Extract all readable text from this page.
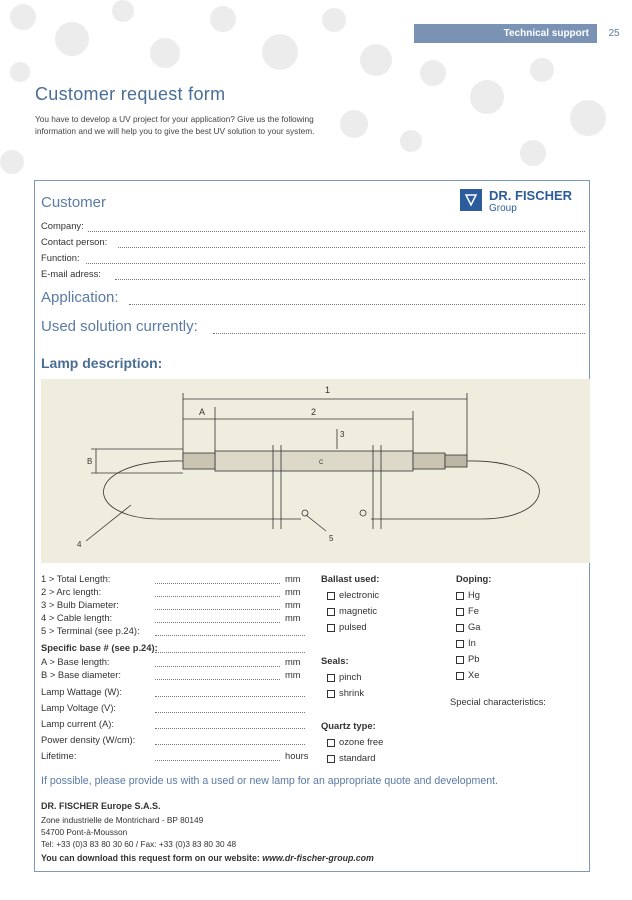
Technical support	25
Customer request form
You have to develop a UV project for your application? Give us the following information and we will help you to give the best UV solution to your system.
Customer	DR. FISCHER
Group
Company:
Contact person:
Function:
E-mail adress:
Application:
Used solution currently:
Lamp description:
1
A	2
3
B	C
4
5
1 > Total Length:	mm
2 > Arc length:	mm
3 > Bulb Diameter:	mm
4 > Cable length:	mm
5 > Terminal (see p.24):
Specific base # (see p.24):
A > Base length:	mm
B > Base diameter:	mm
Lamp Wattage (W):
Lamp Voltage (V):
Lamp current (A):
Power density (W/cm):
Lifetime:	hours
Ballast used:
electronic
magnetic
pulsed
Seals:
pinch
shrink
Quartz type:
ozone free
standard
Doping:
Hg
Fe
Ga
In
Pb
Xe
Special characteristics:
If possible, please provide us with a used or new lamp for an appropriate quote and development.
DR. FISCHER Europe S.A.S.
Zone industrielle de Montrichard - BP 80149
54700 Pont-à-Mousson
Tel: +33 (0)3 83 80 30 60 / Fax: +33 (0)3 83 80 30 48
You can download this request form on our website: www.dr-fischer-group.com
